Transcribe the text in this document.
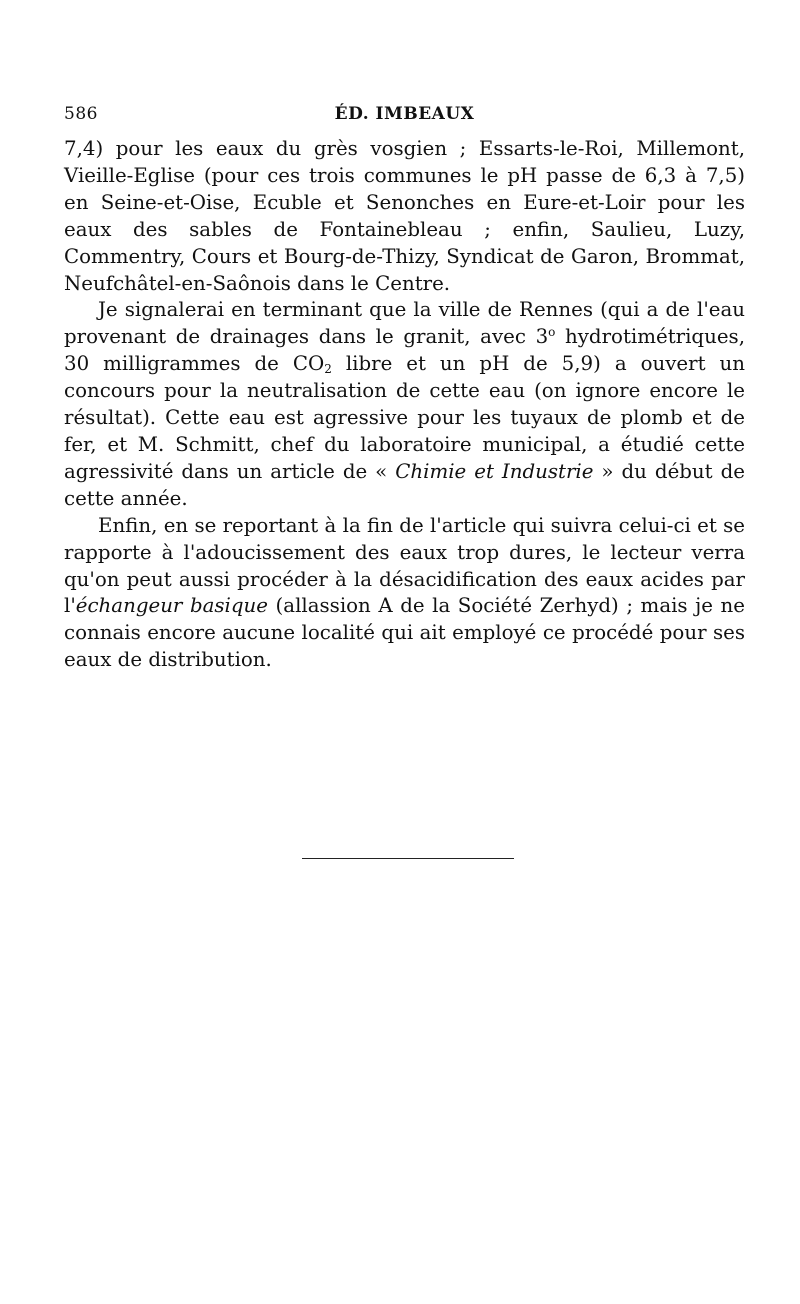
586	ÉD. IMBEAUX

7,4) pour les eaux du grès vosgien ; Essarts-le-Roi, Millemont, Vieille-Eglise (pour ces trois communes le pH passe de 6,3 à 7,5) en Seine-et-Oise, Ecuble et Senonches en Eure-et-Loir pour les eaux des sables de Fontainebleau ; enfin, Saulieu, Luzy, Commentry, Cours et Bourg-de-Thizy, Syndicat de Garon, Brommat, Neufchâtel-en-Saônois dans le Centre.

Je signalerai en terminant que la ville de Rennes (qui a de l'eau provenant de drainages dans le granit, avec 3$^o$ hydrotimétriques, 30 milligrammes de $CO_2$ libre et un pH de 5,9) a ouvert un concours pour la neutralisation de cette eau (on ignore encore le résultat). Cette eau est agressive pour les tuyaux de plomb et de fer, et M. Schmitt, chef du laboratoire municipal, a étudié cette agressivité dans un article de « Chimie et Industrie » du début de cette année.

Enfin, en se reportant à la fin de l'article qui suivra celui-ci et se rapporte à l'adoucissement des eaux trop dures, le lecteur verra qu'on peut aussi procéder à la désacidification des eaux acides par l'échangeur basique (allassion A de la Société Zerhyd) ; mais je ne connais encore aucune localité qui ait employé ce procédé pour ses eaux de distribution.
